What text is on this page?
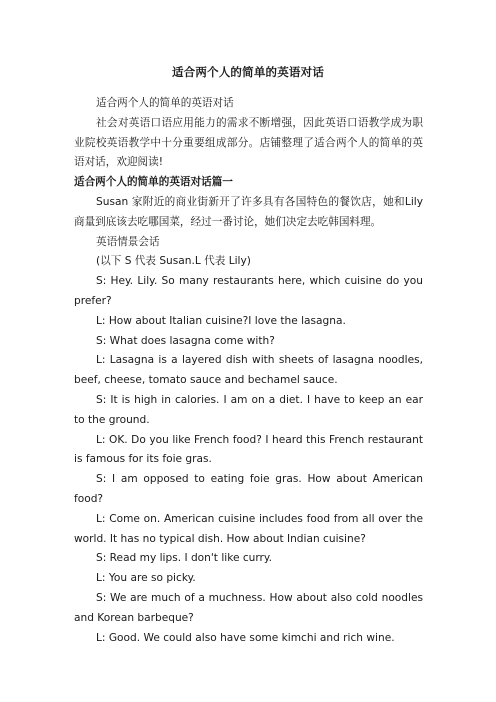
适合两个人的简单的英语对话

适合两个人的简单的英语对话

社会对英语口语应用能力的需求不断增强，因此英语口语教学成为职业院校英语教学中十分重要组成部分。店铺整理了适合两个人的简单的英语对话，欢迎阅读!

适合两个人的简单的英语对话篇一

Susan 家附近的商业街新开了许多具有各国特色的餐饮店，她和Lily商量到底该去吃哪国菜，经过一番讨论，她们决定去吃韩国料理。

英语情景会话

(以下 S 代表 Susan.L 代表 Lily)

S: Hey. Lily. So many restaurants here, which cuisine do you prefer?

L: How about Italian cuisine?I love the lasagna.

S: What does lasagna come with?

L: Lasagna is a layered dish with sheets of lasagna noodles, beef, cheese, tomato sauce and bechamel sauce.

S: It is high in calories. I am on a diet. I have to keep an ear to the ground.

L: OK. Do you like French food? I heard this French restaurant is famous for its foie gras.

S: I am opposed to eating foie gras. How about American food?

L: Come on. American cuisine includes food from all over the world. It has no typical dish. How about Indian cuisine?

S: Read my lips. I don't like curry.

L: You are so picky.

S: We are much of a muchness. How about also cold noodles and Korean barbeque?

L: Good. We could also have some kimchi and rich wine.
